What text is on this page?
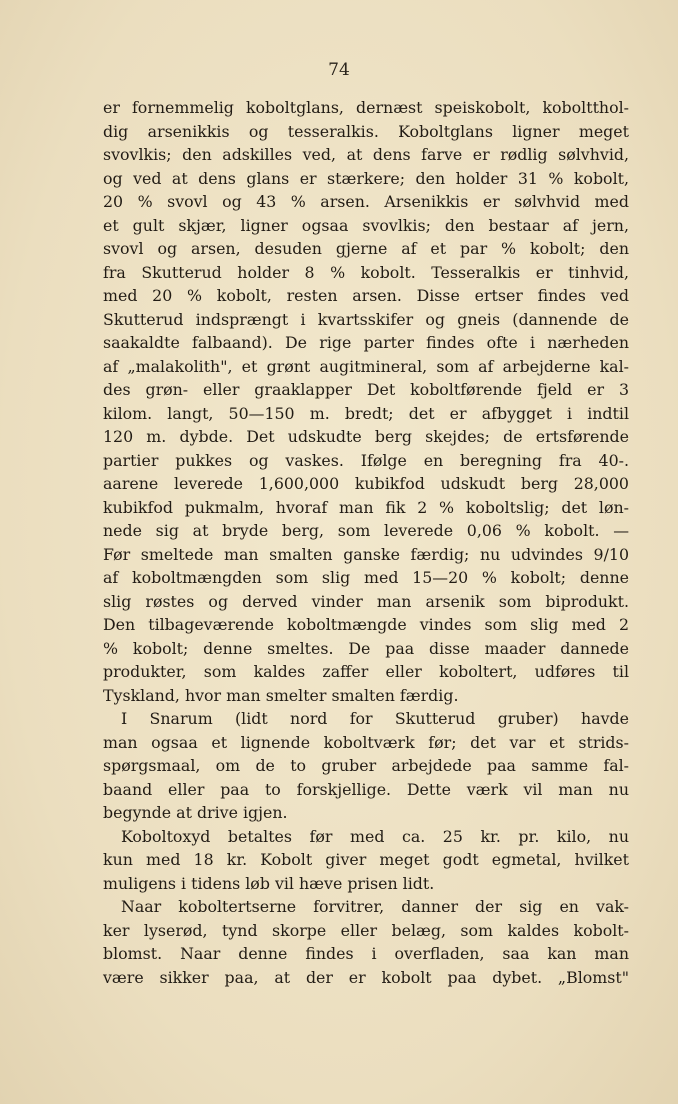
74
er fornemmelig koboltglans, dernæst speiskobolt, koboltthol-
dig arsenikkis og tesseralkis. Koboltglans ligner meget
svovlkis; den adskilles ved, at dens farve er rødlig sølvhvid,
og ved at dens glans er stærkere; den holder 31 % kobolt,
20 % svovl og 43 % arsen. Arsenikkis er sølvhvid med
et gult skjær, ligner ogsaa svovlkis; den bestaar af jern,
svovl og arsen, desuden gjerne af et par % kobolt; den
fra Skutterud holder 8 % kobolt. Tesseralkis er tinhvid,
med 20 % kobolt, resten arsen. Disse ertser findes ved
Skutterud indsprængt i kvartsskifer og gneis (dannende de
saakaldte falbaand). De rige parter findes ofte i nærheden
af „malakolith", et grønt augitmineral, som af arbejderne kal-
des grøn- eller graaklapper Det koboltførende fjeld er 3
kilom. langt, 50—150 m. bredt; det er afbygget i indtil
120 m. dybde. Det udskudte berg skejdes; de ertsførende
partier pukkes og vaskes. Ifølge en beregning fra 40-.
aarene leverede 1,600,000 kubikfod udskudt berg 28,000
kubikfod pukmalm, hvoraf man fik 2 % koboltslig; det løn-
nede sig at bryde berg, som leverede 0,06 % kobolt. —
Før smeltede man smalten ganske færdig; nu udvindes 9/10
af koboltmængden som slig med 15—20 % kobolt; denne
slig røstes og derved vinder man arsenik som biprodukt.
Den tilbageværende koboltmængde vindes som slig med 2
% kobolt; denne smeltes. De paa disse maader dannede
produkter, som kaldes zaffer eller koboltert, udføres til
Tyskland, hvor man smelter smalten færdig.
I Snarum (lidt nord for Skutterud gruber) havde
man ogsaa et lignende koboltværk før; det var et strids-
spørgsmaal, om de to gruber arbejdede paa samme fal-
baand eller paa to forskjellige. Dette værk vil man nu
begynde at drive igjen.
Koboltoxyd betaltes før med ca. 25 kr. pr. kilo, nu
kun med 18 kr. Kobolt giver meget godt egmetal, hvilket
muligens i tidens løb vil hæve prisen lidt.
Naar koboltertserne forvitrer, danner der sig en vak-
ker lyserød, tynd skorpe eller belæg, som kaldes kobolt-
blomst. Naar denne findes i overfladen, saa kan man
være sikker paa, at der er kobolt paa dybet. „Blomst"
